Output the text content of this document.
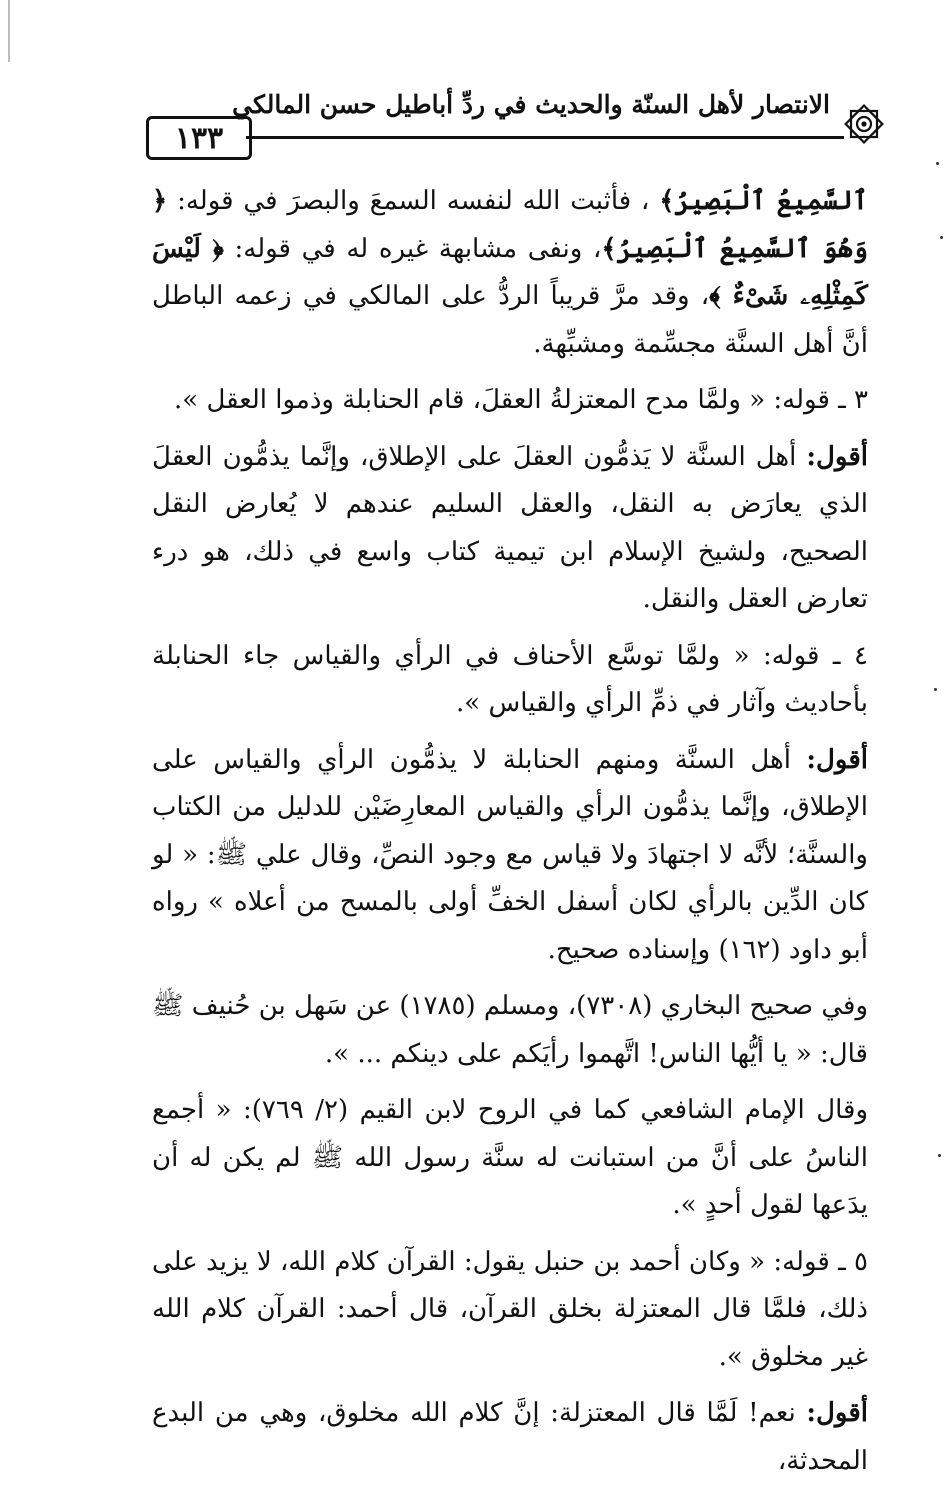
١٣٣
الانتصار لأهل السنّة والحديث في ردِّ أباطيل حسن المالكي

ٱلسَّمِيعُ ٱلْبَصِيرُ﴾ ، فأثبت الله لنفسه السمعَ والبصرَ في قوله: ﴿ وَهُوَ ٱلسَّمِيعُ ٱلْبَصِيرُ﴾، ونفى مشابهة غيره له في قوله: ﴿ لَيْسَ كَمِثْلِهِۦ شَىْءٌ ﴾، وقد مرَّ قريباً الردُّ على المالكي في زعمه الباطل أنَّ أهل السنَّة مجسِّمة ومشبِّهة.

٣ ـ قوله: « ولمَّا مدح المعتزلةُ العقلَ، قام الحنابلة وذموا العقل ».

أقول: أهل السنَّة لا يَذمُّون العقلَ على الإطلاق، وإنَّما يذمُّون العقلَ الذي يعارَض به النقل، والعقل السليم عندهم لا يُعارض النقل الصحيح، ولشيخ الإسلام ابن تيمية كتاب واسع في ذلك، هو درء تعارض العقل والنقل.

٤ ـ قوله: « ولمَّا توسَّع الأحناف في الرأي والقياس جاء الحنابلة بأحاديث وآثار في ذمِّ الرأي والقياس ».

أقول: أهل السنَّة ومنهم الحنابلة لا يذمُّون الرأي والقياس على الإطلاق، وإنَّما يذمُّون الرأي والقياس المعارِضَيْن للدليل من الكتاب والسنَّة؛ لأنَّه لا اجتهادَ ولا قياس مع وجود النصِّ، وقال علي ﷺ: « لو كان الدِّين بالرأي لكان أسفل الخفِّ أولى بالمسح من أعلاه » رواه أبو داود (١٦٢) وإسناده صحيح.

وفي صحيح البخاري (٧٣٠٨)، ومسلم (١٧٨٥) عن سَهل بن حُنيف ﷺ قال: « يا أيُّها الناس! اتَّهموا رأيَكم على دينكم ... ».

وقال الإمام الشافعي كما في الروح لابن القيم (٢/ ٧٦٩): « أجمع الناسُ على أنَّ من استبانت له سنَّة رسول الله ﷺ لم يكن له أن يدَعها لقول أحدٍ ».

٥ ـ قوله: « وكان أحمد بن حنبل يقول: القرآن كلام الله، لا يزيد على ذلك، فلمَّا قال المعتزلة بخلق القرآن، قال أحمد: القرآن كلام الله غير مخلوق ».

أقول: نعم! لَمَّا قال المعتزلة: إنَّ كلام الله مخلوق، وهي من البدع المحدثة،
